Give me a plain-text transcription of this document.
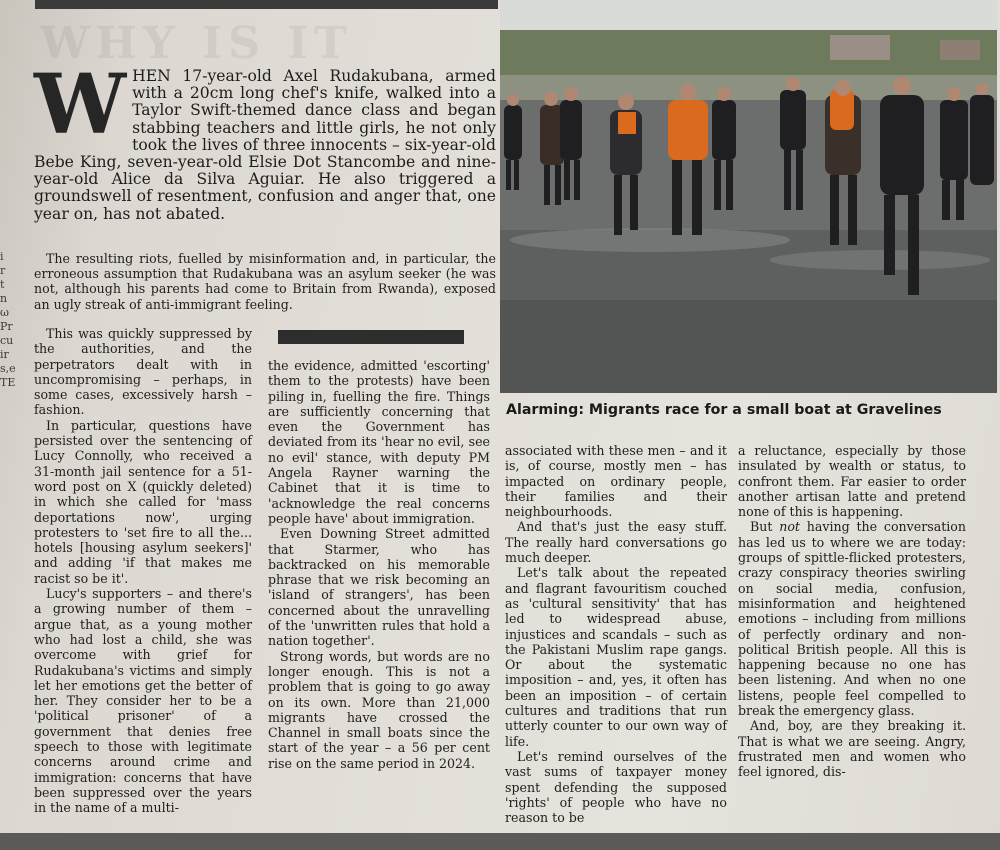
i
r
t
n
ω
Pr
cu
ir
s,e
TE
WHY IS IT
WHEN 17-year-old Axel Rudakubana, armed with a 20cm long chef's knife, walked into a Taylor Swift-themed dance class and began stabbing teachers and little girls, he not only took the lives of three innocents – six-year-old Bebe King, seven-year-old Elsie Dot Stancombe and nine-year-old Alice da Silva Aguiar. He also triggered a groundswell of resentment, confusion and anger that, one year on, has not abated.
The resulting riots, fuelled by misinformation and, in particular, the erroneous assumption that Rudakubana was an asylum seeker (he was not, although his parents had come to Britain from Rwanda), exposed an ugly streak of anti-immigrant feeling.

This was quickly suppressed by the authorities, and the perpetrators dealt with in uncompromising – perhaps, in some cases, excessively harsh – fashion.

In particular, questions have persisted over the sentencing of Lucy Connolly, who received a 31-month jail sentence for a 51-word post on X (quickly deleted) in which she called for 'mass deportations now', urging protesters to 'set fire to all the... hotels [housing asylum seekers]' and adding 'if that makes me racist so be it'.

Lucy's supporters – and there's a growing number of them – argue that, as a young mother who had lost a child, she was overcome with grief for Rudakubana's victims and simply let her emotions get the better of her. They consider her to be a 'political prisoner' of a government that denies free speech to those with legitimate concerns around crime and immigration: concerns that have been suppressed over the years in the name of a multi-

the evidence, admitted 'escorting' them to the protests) have been piling in, fuelling the fire. Things are sufficiently concerning that even the Government has deviated from its 'hear no evil, see no evil' stance, with deputy PM Angela Rayner warning the Cabinet that it is time to 'acknowledge the real concerns people have' about immigration.

Even Downing Street admitted that Starmer, who has backtracked on his memorable phrase that we risk becoming an 'island of strangers', has been concerned about the unravelling of the 'unwritten rules that hold a nation together'.

Strong words, but words are no longer enough. This is not a problem that is going to go away on its own. More than 21,000 migrants have crossed the Channel in small boats since the start of the year – a 56 per cent rise on the same period in 2024.

Alarming: Migrants race for a small boat at Gravelines

associated with these men – and it is, of course, mostly men – has impacted on ordinary people, their families and their neighbourhoods.

And that's just the easy stuff. The really hard conversations go much deeper.

Let's talk about the repeated and flagrant favouritism couched as 'cultural sensitivity' that has led to widespread abuse, injustices and scandals – such as the Pakistani Muslim rape gangs. Or about the systematic imposition – and, yes, it often has been an imposition – of certain cultures and traditions that run utterly counter to our own way of life.

Let's remind ourselves of the vast sums of taxpayer money spent defending the supposed 'rights' of people who have no reason to be

a reluctance, especially by those insulated by wealth or status, to confront them. Far easier to order another artisan latte and pretend none of this is happening.

But not having the conversation has led us to where we are today: groups of spittle-flicked protesters, crazy conspiracy theories swirling on social media, confusion, misinformation and heightened emotions – including from millions of perfectly ordinary and non-political British people. All this is happening because no one has been listening. And when no one listens, people feel compelled to break the emergency glass.

And, boy, are they breaking it. That is what we are seeing. Angry, frustrated men and women who feel ignored, dis-
